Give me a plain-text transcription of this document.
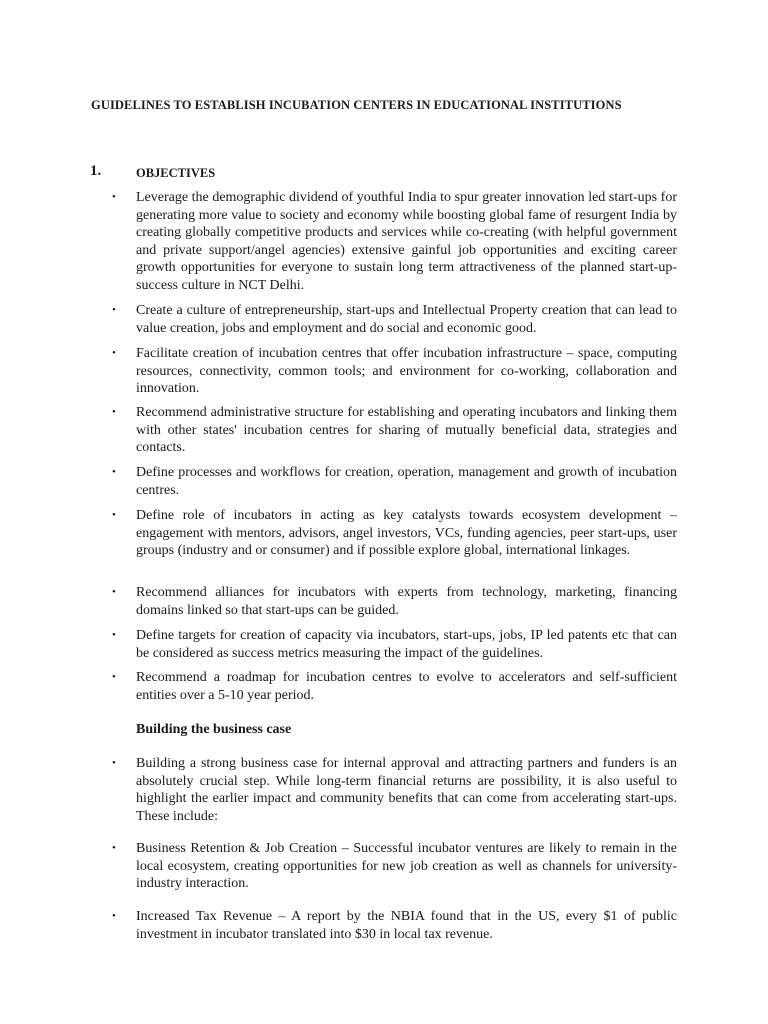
GUIDELINES TO ESTABLISH INCUBATION CENTERS IN EDUCATIONAL INSTITUTIONS
1.	OBJECTIVES
• Leverage the demographic dividend of youthful India to spur greater innovation led start-ups for generating more value to society and economy while boosting global fame of resurgent India by creating globally competitive products and services while co-creating (with helpful government and private support/angel agencies) extensive gainful job opportunities and exciting career growth opportunities for everyone to sustain long term attractiveness of the planned start-up-success culture in NCT Delhi.
• Create a culture of entrepreneurship, start-ups and Intellectual Property creation that can lead to value creation, jobs and employment and do social and economic good.
• Facilitate creation of incubation centres that offer incubation infrastructure – space, computing resources, connectivity, common tools; and environment for co-working, collaboration and innovation.
• Recommend administrative structure for establishing and operating incubators and linking them with other states' incubation centres for sharing of mutually beneficial data, strategies and contacts.
• Define processes and workflows for creation, operation, management and growth of incubation centres.
• Define role of incubators in acting as key catalysts towards ecosystem development – engagement with mentors, advisors, angel investors, VCs, funding agencies, peer start-ups, user groups (industry and or consumer) and if possible explore global, international linkages.
• Recommend alliances for incubators with experts from technology, marketing, financing domains linked so that start-ups can be guided.
• Define targets for creation of capacity via incubators, start-ups, jobs, IP led patents etc that can be considered as success metrics measuring the impact of the guidelines.
• Recommend a roadmap for incubation centres to evolve to accelerators and self-sufficient entities over a 5-10 year period.
Building the business case
• Building a strong business case for internal approval and attracting partners and funders is an absolutely crucial step. While long-term financial returns are possibility, it is also useful to highlight the earlier impact and community benefits that can come from accelerating start-ups. These include:
• Business Retention & Job Creation – Successful incubator ventures are likely to remain in the local ecosystem, creating opportunities for new job creation as well as channels for university-industry interaction.
• Increased Tax Revenue – A report by the NBIA found that in the US, every $1 of public investment in incubator translated into $30 in local tax revenue.
